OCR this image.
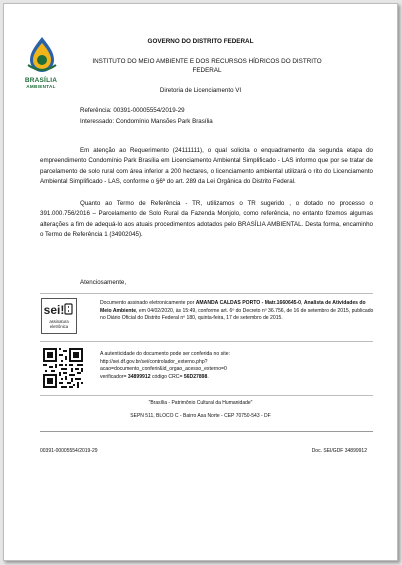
BRASÍLIA
AMBIENTAL
GOVERNO DO DISTRITO FEDERAL
INSTITUTO DO MEIO AMBIENTE E DOS RECURSOS HÍDRICOS DO DISTRITO FEDERAL
Diretoria de Licenciamento VI
Referência: 00391-00005554/2019-29
Interessado: Condomínio Mansões Park Brasília

Em atenção ao Requerimento (24111111), o qual solicita o enquadramento da segunda etapa do empreendimento Condomínio Park Brasília em Licenciamento Ambiental Simplificado - LAS informo que por se tratar de parcelamento de solo rural com área inferior a 200 hectares, o licenciamento ambiental utilizará o rito do Licenciamento Ambiental Simplificado - LAS, conforme o §6º do art. 289 da Lei Orgânica do Distrito Federal.

Quanto ao Termo de Referência - TR, utilizamos o TR sugerido , o dotado no processo o 391.000.756/2016 – Parcelamento de Solo Rural da Fazenda Monjolo, como referência, no entanto fizemos algumas alterações a fim de adequá-lo aos atuais procedimentos adotados pelo BRASÍLIA AMBIENTAL. Desta forma, encaminho o Termo de Referência 1 (34902045).

Atenciosamente,
sei!
assinatura
eletrônica
Documento assinado eletronicamente por AMANDA CALDAS PORTO - Matr.1660645-0, Analista de Atividades do Meio Ambiente, em 04/02/2020, às 15:49, conforme art. 6º do Decreto nº 36.756, de 16 de setembro de 2015, publicado no Diário Oficial do Distrito Federal nº 180, quinta-feira, 17 de setembro de 2015.
A autenticidade do documento pode ser conferida no site:
http://sei.df.gov.br/sei/controlador_externo.php?
acao=documento_conferir&id_orgao_acesso_externo=0
verificador= 34899912 código CRC= 56D27898.
"Brasília - Patrimônio Cultural da Humanidade"
SEPN 511, BLOCO C - Bairro Asa Norte - CEP 70750-543 - DF
00391-00005554/2019-29	Doc. SEI/GDF 34899912
